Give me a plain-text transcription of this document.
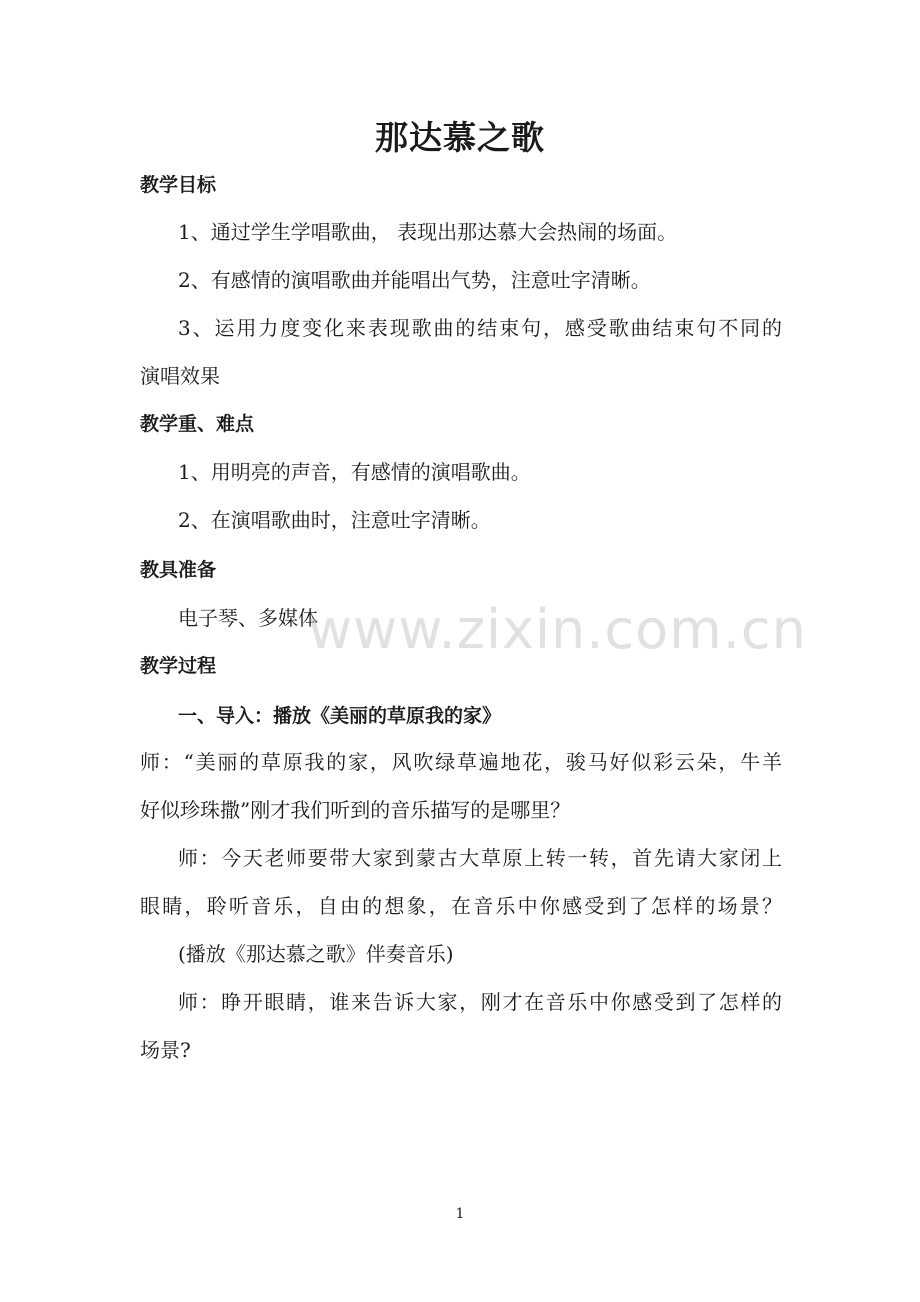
那达慕之歌
教学目标
1、通过学生学唱歌曲， 表现出那达慕大会热闹的场面。
2、有感情的演唱歌曲并能唱出气势，注意吐字清晰。
3、运用力度变化来表现歌曲的结束句，感受歌曲结束句不同的
演唱效果
教学重、难点
1、用明亮的声音，有感情的演唱歌曲。
2、在演唱歌曲时，注意吐字清晰。
教具准备
电子琴、多媒体
教学过程
一、导入：播放《美丽的草原我的家》
师：“美丽的草原我的家，风吹绿草遍地花，骏马好似彩云朵，牛羊
好似珍珠撒”刚才我们听到的音乐描写的是哪里？
师：今天老师要带大家到蒙古大草原上转一转，首先请大家闭上
眼睛，聆听音乐，自由的想象，在音乐中你感受到了怎样的场景？
(播放《那达慕之歌》伴奏音乐)
师：睁开眼睛，谁来告诉大家，刚才在音乐中你感受到了怎样的
场景?
www.zixin.com.cn
1
